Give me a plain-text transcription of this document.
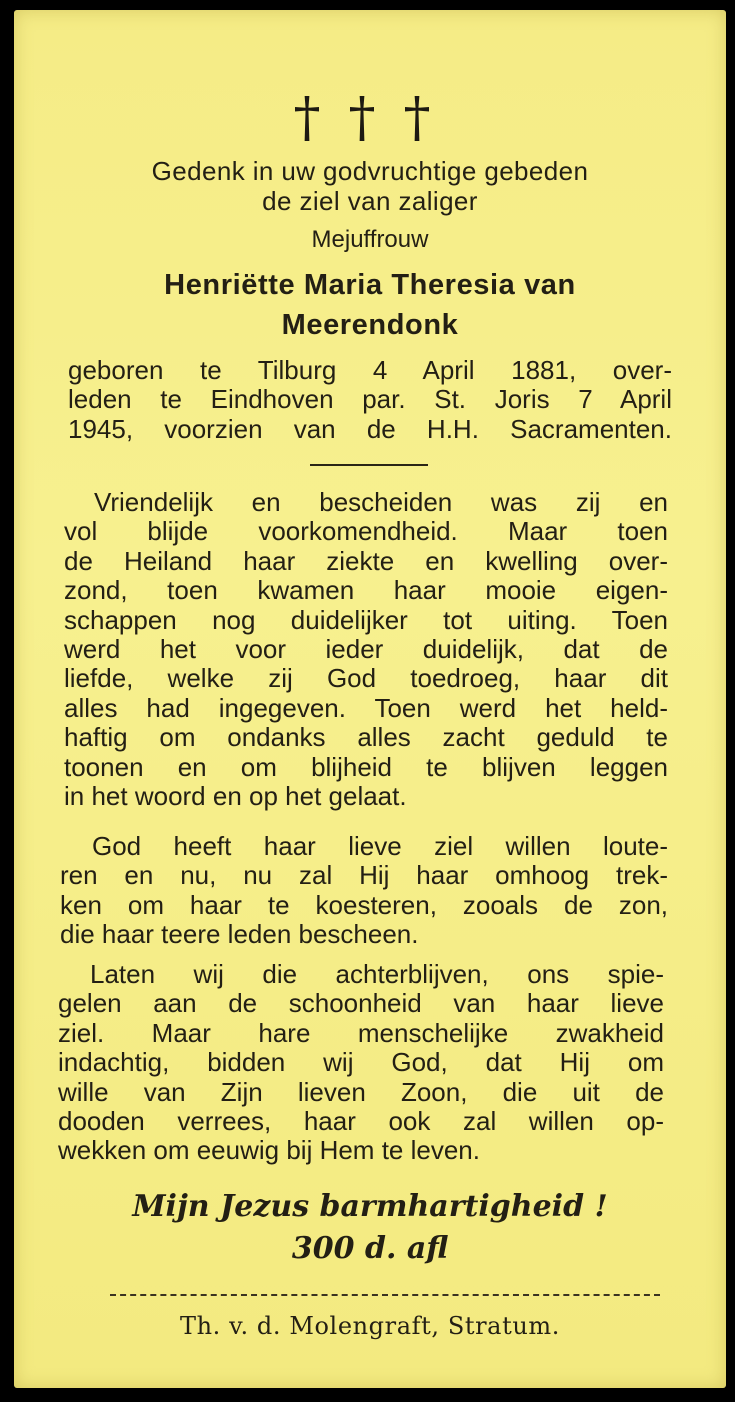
† † †
Gedenk in uw godvruchtige gebeden
de ziel van zaliger
Mejuffrouw
Henriëtte Maria Theresia van
Meerendonk
geboren te Tilburg 4 April 1881, over-
leden te Eindhoven par. St. Joris 7 April
1945, voorzien van de H.H. Sacramenten.
Vriendelijk en bescheiden was zij en
vol blijde voorkomendheid. Maar toen
de Heiland haar ziekte en kwelling over-
zond, toen kwamen haar mooie eigen-
schappen nog duidelijker tot uiting. Toen
werd het voor ieder duidelijk, dat de
liefde, welke zij God toedroeg, haar dit
alles had ingegeven. Toen werd het held-
haftig om ondanks alles zacht geduld te
toonen en om blijheid te blijven leggen
in het woord en op het gelaat.
God heeft haar lieve ziel willen loute-
ren en nu, nu zal Hij haar omhoog trek-
ken om haar te koesteren, zooals de zon,
die haar teere leden bescheen.
Laten wij die achterblijven, ons spie-
gelen aan de schoonheid van haar lieve
ziel. Maar hare menschelijke zwakheid
indachtig, bidden wij God, dat Hij om
wille van Zijn lieven Zoon, die uit de
dooden verrees, haar ook zal willen op-
wekken om eeuwig bij Hem te leven.
Mijn Jezus barmhartigheid !
300 d. afl
Th. v. d. Molengraft, Stratum.
